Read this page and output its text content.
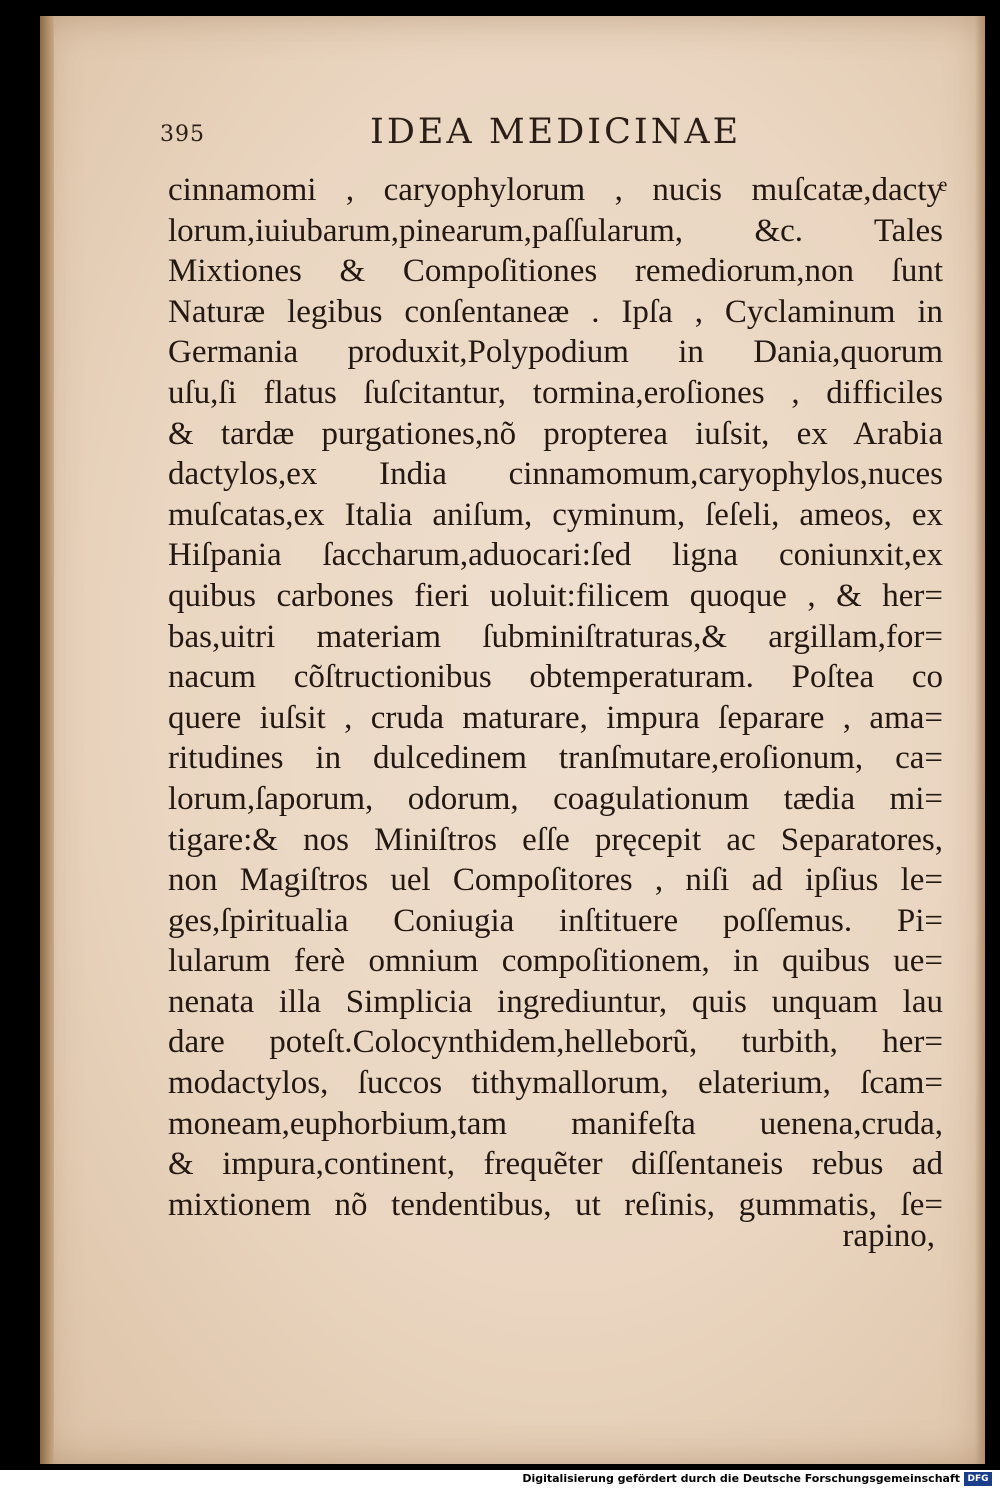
395	IDEA MEDICINAE
cinnamomi , caryophylorum , nucis muſcatæ,dactyͤ
lorum,iuiubarum,pinearum,paſſularum, &c. Tales
Mixtiones & Compoſitiones remediorum,non ſunt
Naturæ legibus conſentaneæ . Ipſa , Cyclaminum in
Germania produxit,Polypodium in Dania,quorum
uſu,ſi flatus ſuſcitantur, tormina,eroſiones , difficiles
& tardæ purgationes,nõ propterea iuſsit, ex Arabia
dactylos,ex India cinnamomum,caryophylos,nuces
muſcatas,ex Italia aniſum, cyminum, ſeſeli, ameos, ex
Hiſpania ſaccharum,aduocari:ſed ligna coniunxit,ex
quibus carbones fieri uoluit:filicem quoque , & her=
bas,uitri materiam ſubminiſtraturas,& argillam,for=
nacum cõſtructionibus obtemperaturam. Poſtea co
quere iuſsit , cruda maturare, impura ſeparare , ama=
ritudines in dulcedinem tranſmutare,eroſionum, ca=
lorum,ſaporum, odorum, coagulationum tædia mi=
tigare:& nos Miniſtros eſſe pręcepit ac Separatores,
non Magiſtros uel Compoſitores , niſi ad ipſius le=
ges,ſpiritualia Coniugia inſtituere poſſemus. Pi=
lularum ferè omnium compoſitionem, in quibus ue=
nenata illa Simplicia ingrediuntur, quis unquam lau
dare poteſt.Colocynthidem,helleborũ, turbith, her=
modactylos, ſuccos tithymallorum, elaterium, ſcam=
moneam,euphorbium,tam manifeſta uenena,cruda,
& impura,continent, frequẽter diſſentaneis rebus ad
mixtionem nõ tendentibus, ut reſinis, gummatis, ſe=
rapino,
Digitalisierung gefördert durch die Deutsche Forschungsgemeinschaft DFG
